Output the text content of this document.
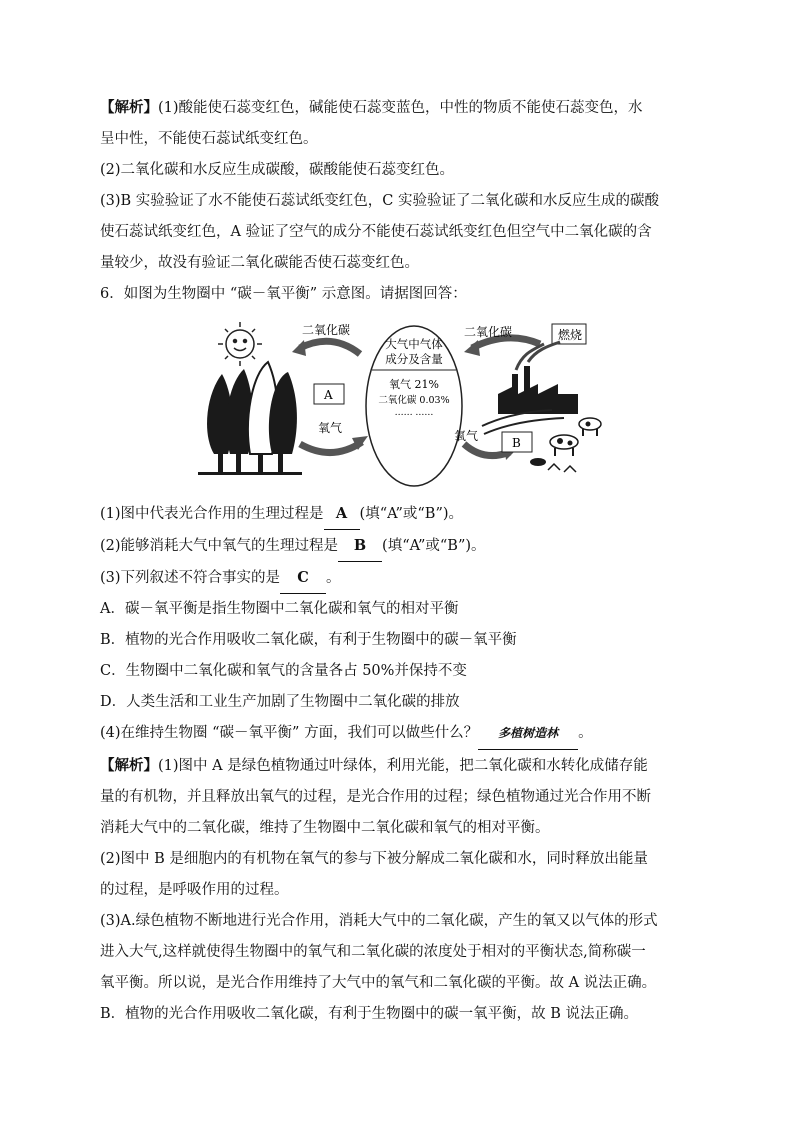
【解析】(1)酸能使石蕊变红色，碱能使石蕊变蓝色，中性的物质不能使石蕊变色，水

呈中性，不能使石蕊试纸变红色。

(2)二氧化碳和水反应生成碳酸，碳酸能使石蕊变红色。

(3)B 实验验证了水不能使石蕊试纸变红色，C 实验验证了二氧化碳和水反应生成的碳酸

使石蕊试纸变红色，A 验证了空气的成分不能使石蕊试纸变红色但空气中二氧化碳的含

量较少，故没有验证二氧化碳能否使石蕊变红色。

6．如图为生物圈中 “碳－氧平衡” 示意图。请据图回答：

二氧化碳
A
氧气
大气中气体
成分及含量
氧气 21%
二氧化碳 0.03%
…… ……
二氧化碳	燃烧
氧气	B

(1)图中代表光合作用的生理过程是 A (填“A”或“B”)。

(2)能够消耗大气中氧气的生理过程是 B (填“A”或“B”)。

(3)下列叙述不符合事实的是 C 。

A．碳－氧平衡是指生物圈中二氧化碳和氧气的相对平衡

B．植物的光合作用吸收二氧化碳，有利于生物圈中的碳－氧平衡

C．生物圈中二氧化碳和氧气的含量各占 50%并保持不变

D．人类生活和工业生产加剧了生物圈中二氧化碳的排放

(4)在维持生物圈 “碳－氧平衡” 方面，我们可以做些什么？ 多植树造林 。

【解析】(1)图中 A 是绿色植物通过叶绿体，利用光能，把二氧化碳和水转化成储存能

量的有机物，并且释放出氧气的过程，是光合作用的过程；绿色植物通过光合作用不断

消耗大气中的二氧化碳，维持了生物圈中二氧化碳和氧气的相对平衡。

(2)图中 B 是细胞内的有机物在氧气的参与下被分解成二氧化碳和水，同时释放出能量

的过程，是呼吸作用的过程。

(3)A.绿色植物不断地进行光合作用，消耗大气中的二氧化碳，产生的氧又以气体的形式

进入大气,这样就使得生物圈中的氧气和二氧化碳的浓度处于相对的平衡状态,简称碳一

氧平衡。所以说，是光合作用维持了大气中的氧气和二氧化碳的平衡。故 A 说法正确。

B．植物的光合作用吸收二氧化碳，有利于生物圈中的碳一氧平衡，故 B 说法正确。
